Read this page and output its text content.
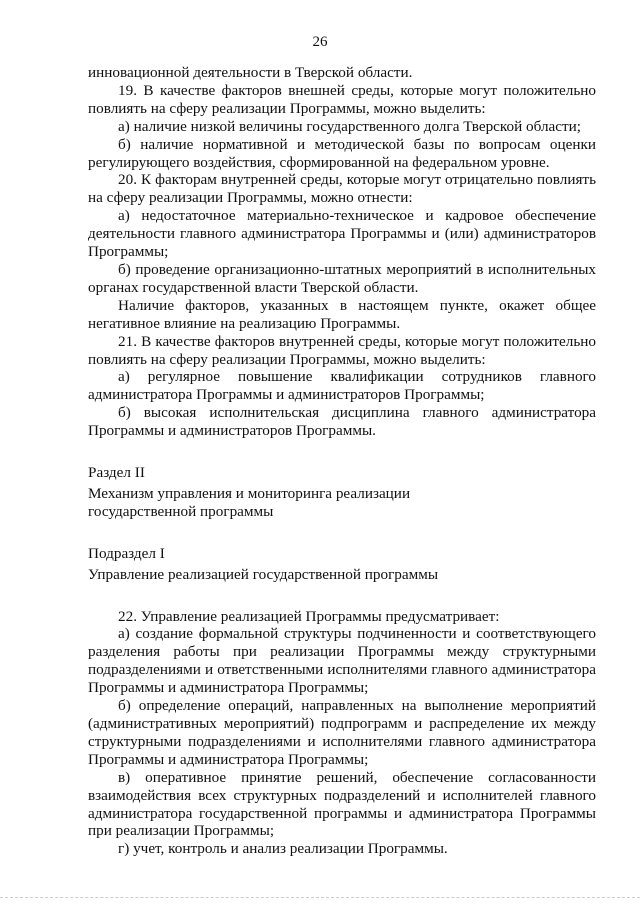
26

инновационной деятельности в Тверской области.

19. В качестве факторов внешней среды, которые могут положительно повлиять на сферу реализации Программы, можно выделить:

а) наличие низкой величины государственного долга Тверской области;

б) наличие нормативной и методической базы по вопросам оценки регулирующего воздействия, сформированной на федеральном уровне.

20. К факторам внутренней среды, которые могут отрицательно повлиять на сферу реализации Программы, можно отнести:

а) недостаточное материально-техническое и кадровое обеспечение деятельности главного администратора Программы и (или) администраторов Программы;

б) проведение организационно-штатных мероприятий в исполнительных органах государственной власти Тверской области.

Наличие факторов, указанных в настоящем пункте, окажет общее негативное влияние на реализацию Программы.

21. В качестве факторов внутренней среды, которые могут положительно повлиять на сферу реализации Программы, можно выделить:

а) регулярное повышение квалификации сотрудников главного администратора Программы и администраторов Программы;

б) высокая исполнительская дисциплина главного администратора Программы и администраторов Программы.

Раздел II

Механизм управления и мониторинга реализации

государственной программы

Подраздел I

Управление реализацией государственной программы

22. Управление реализацией Программы предусматривает:

а) создание формальной структуры подчиненности и соответствующего разделения работы при реализации Программы между структурными подразделениями и ответственными исполнителями главного администратора Программы и администратора Программы;

б) определение операций, направленных на выполнение мероприятий (административных мероприятий) подпрограмм и распределение их между структурными подразделениями и исполнителями главного администратора Программы и администратора Программы;

в) оперативное принятие решений, обеспечение согласованности взаимодействия всех структурных подразделений и исполнителей главного администратора государственной программы и администратора Программы при реализации Программы;

г) учет, контроль и анализ реализации Программы.
